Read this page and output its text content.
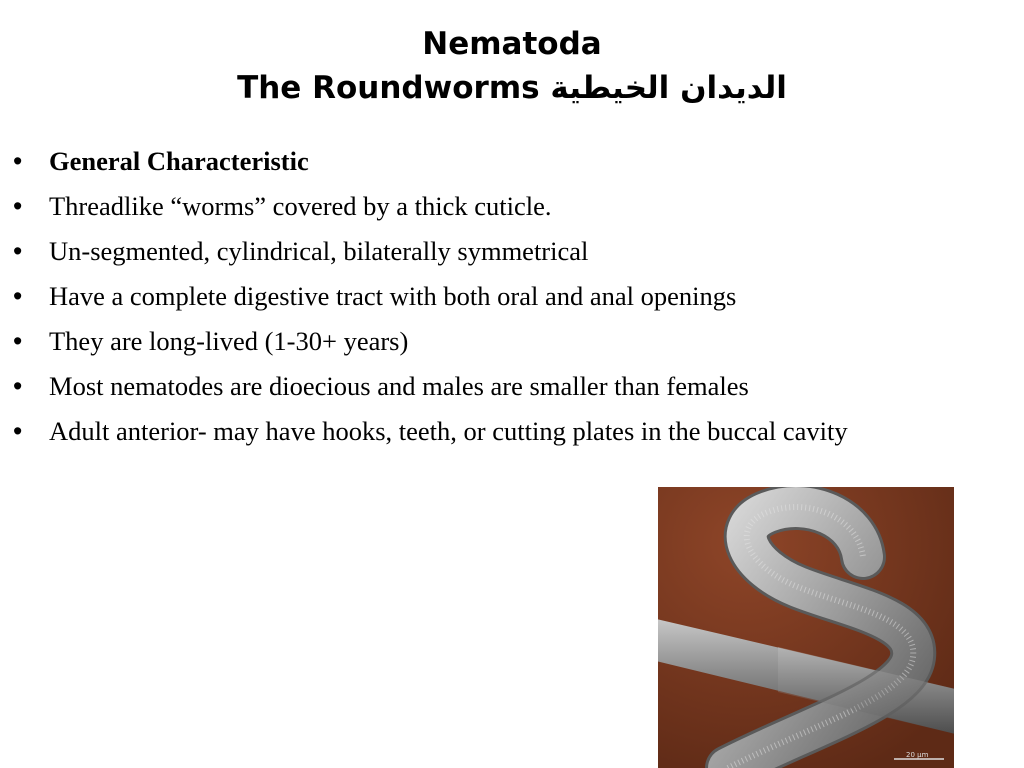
Nematoda
The Roundworms الديدان الخيطية
• General Characteristic
• Threadlike “worms” covered by a thick cuticle.
• Un-segmented, cylindrical, bilaterally symmetrical
• Have a complete digestive tract with both oral and anal openings
• They are long-lived (1-30+ years)
• Most nematodes are dioecious and males are smaller than females
• Adult anterior- may have hooks, teeth, or cutting plates in the buccal cavity
20 µm
